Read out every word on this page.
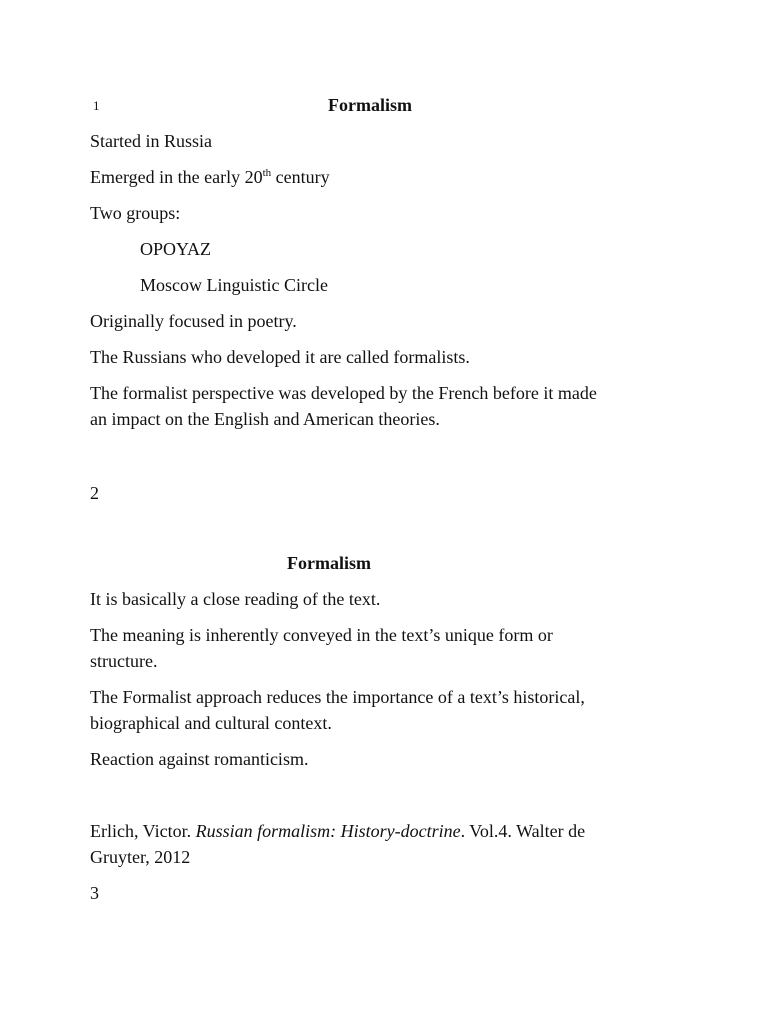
1	Formalism
Started in Russia
Emerged in the early 20th century
Two groups:
OPOYAZ
Moscow Linguistic Circle
Originally focused in poetry.
The Russians who developed it are called formalists.
The formalist perspective was developed by the French before it made
an impact on the English and American theories.
2
Formalism
It is basically a close reading of the text.
The meaning is inherently conveyed in the text’s unique form or
structure.
The Formalist approach reduces the importance of a text’s historical,
biographical and cultural context.
Reaction against romanticism.
Erlich, Victor. Russian formalism: History-doctrine. Vol.4. Walter de
Gruyter, 2012
3
